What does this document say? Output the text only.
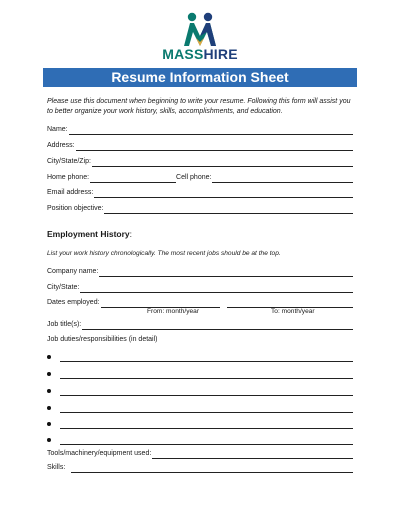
MASSHIRE
Resume Information Sheet
Please use this document when beginning to write your resume. Following this form will assist you to better organize your work history, skills, accomplishments, and education.
Name:
Address:
City/State/Zip:
Home phone:	Cell phone:
Email address:
Position objective:
Employment History:
List your work history chronologically. The most recent jobs should be at the top.
Company name:
City/State:
Dates employed:
From: month/year	To: month/year
Job title(s):
Job duties/responsibilities (in detail)
Tools/machinery/equipment used:
Skills:
